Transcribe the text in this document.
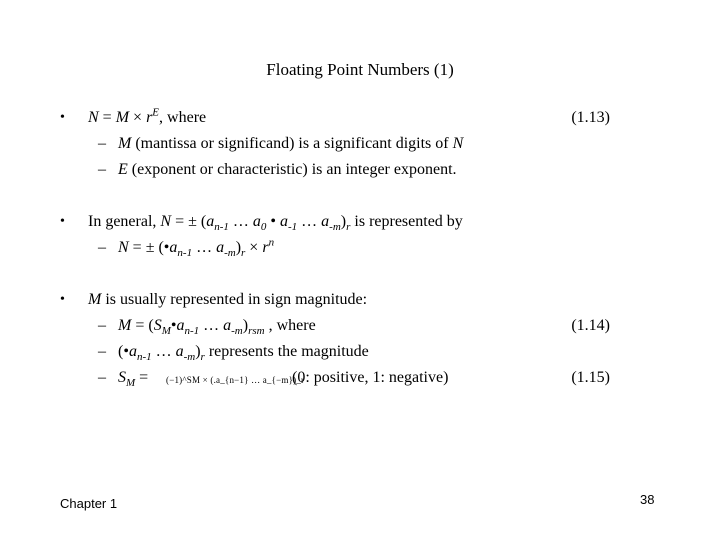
Floating Point Numbers (1)
• $N = M \times r^E$, where	(1.13)
– M (mantissa or significand) is a significant digits of N
– E (exponent or characteristic) is an integer exponent.
• In general, N = ± ($a_{n-1}$ … $a_0$ • $a_{-1}$ … $a_{-m})_r$ is represented by
– N = ± ($•a_{n-1}$ … $a_{-m})_r \times r^n$
• M is usually represented in sign magnitude:
– $M = (S_M•a_{n-1}$ … $a_{-m})_{rsm}$ , where	(1.14)
– ($•a_{n-1}$ … $a_{-m})_r$ represents the magnitude
– $S_M$ = (−1)^SM × (.a_{n−1} … a_{−m})_r
(0: positive, 1: negative)	(1.15)
Chapter 1	38
